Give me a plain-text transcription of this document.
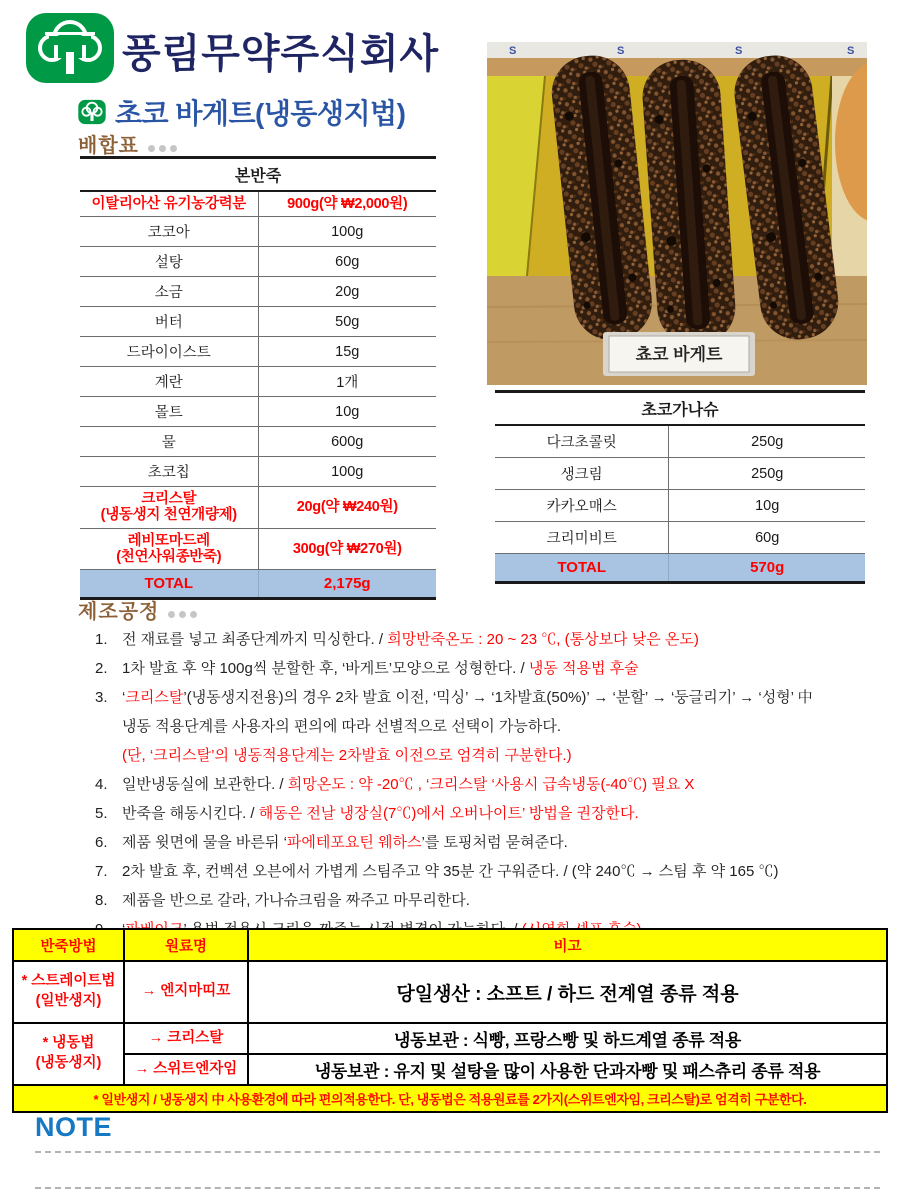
풍림무약주식회사
초코 바게트(냉동생지법)
배합표
본반죽	
이탈리아산 유기농강력분	900g(약 ₩2,000원)
코코아	100g
설탕	60g
소금	20g
버터	50g
드라이이스트	15g
계란	1개
몰트	10g
물	600g
초코칩	100g
크리스탈
(냉동생지 천연개량제)	20g(약 ₩240원)
레비또마드레
(천연사워종반죽)	300g(약 ₩270원)
TOTAL	2,175g
S	S	S	S
쵸코 바게트
초코가나슈	
다크초콜릿	250g
생크림	250g
카카오매스	10g
크리미비트	60g
TOTAL	570g
제조공정
1. 전 재료를 넣고 최종단계까지 믹싱한다. / 희망반죽온도 : 20 ~ 23 ℃, (통상보다 낮은 온도)
2. 1차 발효 후 약 100g씩 분할한 후, ‘바게트’모양으로 성형한다. / 냉동 적용법 후술
3. ‘크리스탈’(냉동생지전용)의 경우 2차 발효 이전, ‘믹싱’ → ‘1차발효(50%)’ → ‘분할’ → ‘둥글리기’ → ‘성형’ 中
냉동 적용단계를 사용자의 편의에 따라 선별적으로 선택이 가능하다.
(단, ‘크리스탈’의 냉동적용단계는 2차발효 이전으로 엄격히 구분한다.)
4. 일반냉동실에 보관한다. / 희망온도 : 약 -20℃ , ‘크리스탈 ‘사용시 급속냉동(-40℃) 필요 X
5. 반죽을 해동시킨다. / 해동은 전날 냉장실(7℃)에서 오버나이트’ 방법을 권장한다.
6. 제품 윗면에 물을 바른뒤 ‘파에테포요틴 웨하스’를 토핑처럼 묻혀준다.
7. 2차 발효 후, 컨벡션 오븐에서 가볍게 스팀주고 약 35분 간 구워준다. / (약 240℃ → 스팀 후 약 165 ℃)
8. 제품을 반으로 갈라, 가나슈크림을 짜주고 마무리한다.
반죽방법	원료명	비고
* 스트레이트법
(일반생지)	→ 엔지마띠꼬	당일생산 : 소프트 / 하드 전계열 종류 적용
* 냉동법
(냉동생지)	→ 크리스탈	냉동보관 : 식빵, 프랑스빵 및 하드계열 종류 적용
	→ 스위트엔자임	냉동보관 : 유지 및 설탕을 많이 사용한 단과자빵 및 패스츄리 종류 적용
* 일반생지 / 냉동생지 中 사용환경에 따라 편의적용한다. 단, 냉동법은 적용원료를 2가지(스위트엔자임, 크리스탈)로 엄격히 구분한다.		
NOTE
